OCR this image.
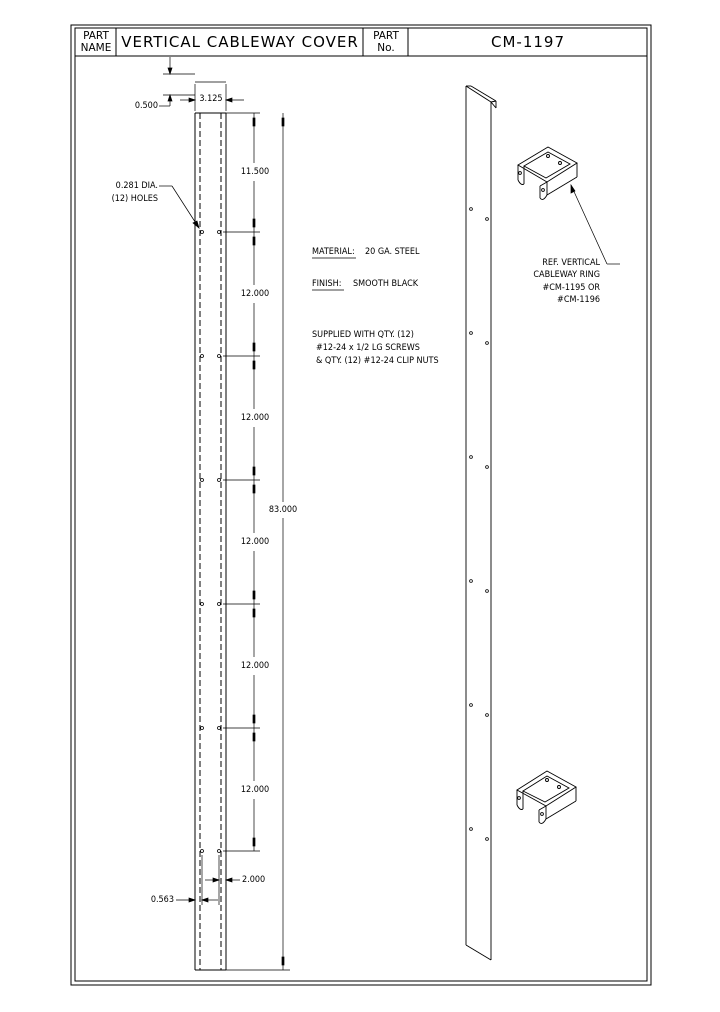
PART
NAME VERTICAL CABLEWAY COVER	PART
No.	CM-1197
0.500
3.125
0.281 DIA.
(12) HOLES
11.500
12.000
12.000
12.000
12.000
12.000
83.000
0.563
2.000
MATERIAL: 20 GA. STEEL
FINISH: SMOOTH BLACK
SUPPLIED WITH QTY. (12)
#12-24 x 1/2 LG SCREWS
& QTY. (12) #12-24 CLIP NUTS
REF. VERTICAL
CABLEWAY RING
#CM-1195 OR
#CM-1196
